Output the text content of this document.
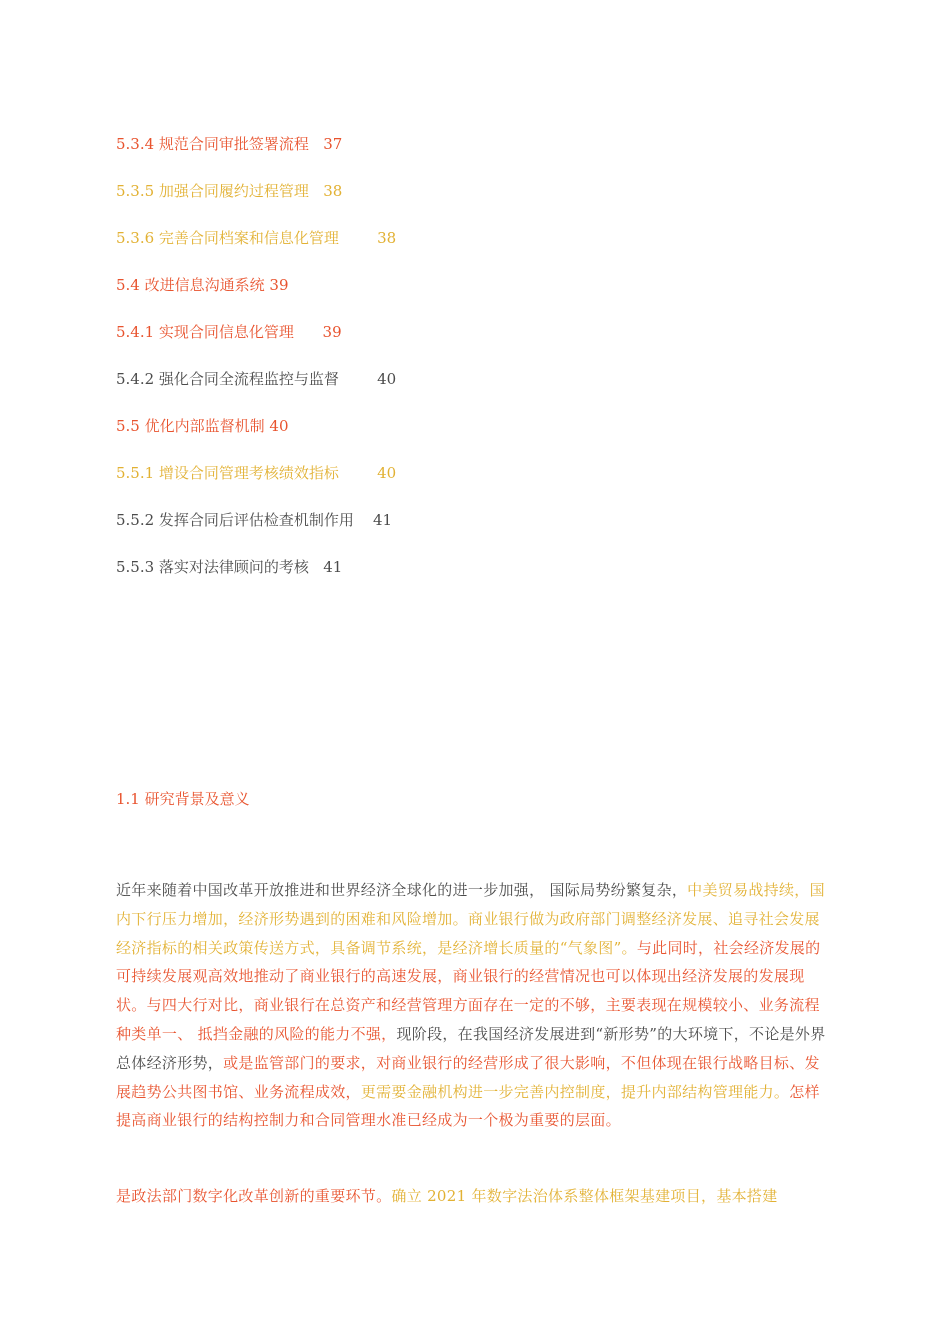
5.3.4 规范合同审批签署流程 37
5.3.5 加强合同履约过程管理 38
5.3.6 完善合同档案和信息化管理	38
5.4 改进信息沟通系统 39
5.4.1 实现合同信息化管理 39
5.4.2 强化合同全流程监控与监督	40
5.5 优化内部监督机制 40
5.5.1 增设合同管理考核绩效指标	40
5.5.2 发挥合同后评估检查机制作用 41
5.5.3 落实对法律顾问的考核 41
1.1 研究背景及意义

近年来随着中国改革开放推进和世界经济全球化的进一步加强， 国际局势纷繁复杂，中美贸易战持续，国内下行压力增加，经济形势遇到的困难和风险增加。商业银行做为政府部门调整经济发展、追寻社会发展经济指标的相关政策传送方式，具备调节系统，是经济增长质量的“气象图”。与此同时，社会经济发展的可持续发展观高效地推动了商业银行的高速发展，商业银行的经营情况也可以体现出经济发展的发展现状。与四大行对比，商业银行在总资产和经营管理方面存在一定的不够，主要表现在规模较小、业务流程种类单一、 抵挡金融的风险的能力不强，现阶段，在我国经济发展进到“新形势”的大环境下，不论是外界总体经济形势，或是监管部门的要求，对商业银行的经营形成了很大影响，不但体现在银行战略目标、发展趋势公共图书馆、业务流程成效，更需要金融机构进一步完善内控制度，提升内部结构管理能力。怎样提高商业银行的结构控制力和合同管理水准已经成为一个极为重要的层面。

是政法部门数字化改革创新的重要环节。确立 2021 年数字法治体系整体框架基建项目，基本搭建
